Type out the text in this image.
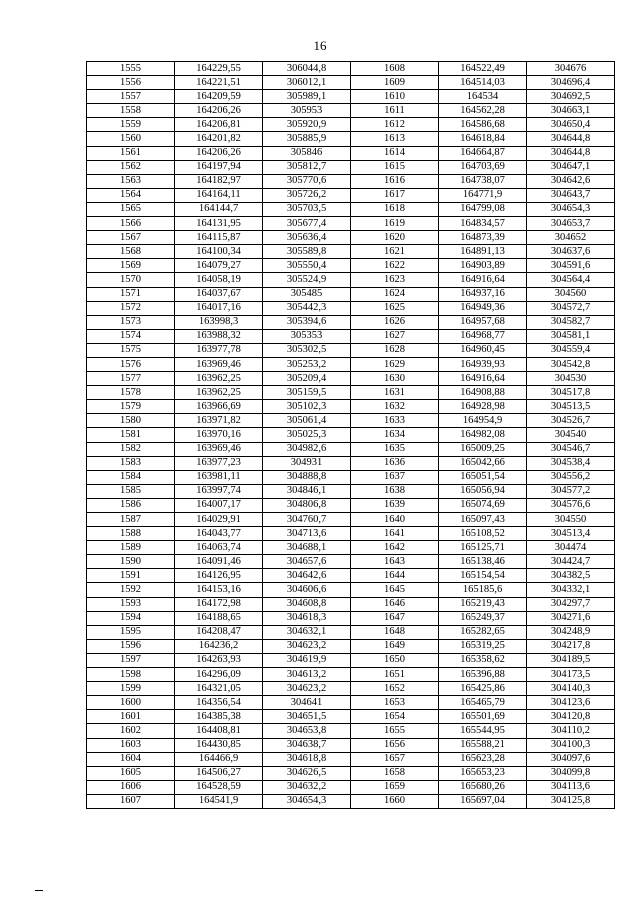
16
1555	164229,55	306044,8	1608	164522,49	304676
1556	164221,51	306012,1	1609	164514,03	304696,4
1557	164209,59	305989,1	1610	164534	304692,5
1558	164206,26	305953	1611	164562,28	304663,1
1559	164206,81	305920,9	1612	164586,68	304650,4
1560	164201,82	305885,9	1613	164618,84	304644,8
1561	164206,26	305846	1614	164664,87	304644,8
1562	164197,94	305812,7	1615	164703,69	304647,1
1563	164182,97	305770,6	1616	164738,07	304642,6
1564	164164,11	305726,2	1617	164771,9	304643,7
1565	164144,7	305703,5	1618	164799,08	304654,3
1566	164131,95	305677,4	1619	164834,57	304653,7
1567	164115,87	305636,4	1620	164873,39	304652
1568	164100,34	305589,8	1621	164891,13	304637,6
1569	164079,27	305550,4	1622	164903,89	304591,6
1570	164058,19	305524,9	1623	164916,64	304564,4
1571	164037,67	305485	1624	164937,16	304560
1572	164017,16	305442,3	1625	164949,36	304572,7
1573	163998,3	305394,6	1626	164957,68	304582,7
1574	163988,32	305353	1627	164968,77	304581,1
1575	163977,78	305302,5	1628	164960,45	304559,4
1576	163969,46	305253,2	1629	164939,93	304542,8
1577	163962,25	305209,4	1630	164916,64	304530
1578	163962,25	305159,5	1631	164908,88	304517,8
1579	163966,69	305102,3	1632	164928,98	304513,5
1580	163971,82	305061,4	1633	164954,9	304526,7
1581	163970,16	305025,3	1634	164982,08	304540
1582	163969,46	304982,6	1635	165009,25	304546,7
1583	163977,23	304931	1636	165042,66	304538,4
1584	163981,11	304888,8	1637	165051,54	304556,2
1585	163997,74	304846,1	1638	165056,94	304577,2
1586	164007,17	304806,8	1639	165074,69	304576,6
1587	164029,91	304760,7	1640	165097,43	304550
1588	164043,77	304713,6	1641	165108,52	304513,4
1589	164063,74	304688,1	1642	165125,71	304474
1590	164091,46	304657,6	1643	165138,46	304424,7
1591	164126,95	304642,6	1644	165154,54	304382,5
1592	164153,16	304606,6	1645	165185,6	304332,1
1593	164172,98	304608,8	1646	165219,43	304297,7
1594	164188,65	304618,3	1647	165249,37	304271,6
1595	164208,47	304632,1	1648	165282,65	304248,9
1596	164236,2	304623,2	1649	165319,25	304217,8
1597	164263,93	304619,9	1650	165358,62	304189,5
1598	164296,09	304613,2	1651	165396,88	304173,5
1599	164321,05	304623,2	1652	165425,86	304140,3
1600	164356,54	304641	1653	165465,79	304123,6
1601	164385,38	304651,5	1654	165501,69	304120,8
1602	164408,81	304653,8	1655	165544,95	304110,2
1603	164430,85	304638,7	1656	165588,21	304100,3
1604	164466,9	304618,8	1657	165623,28	304097,6
1605	164506,27	304626,5	1658	165653,23	304099,8
1606	164528,59	304632,2	1659	165680,26	304113,6
1607	164541,9	304654,3	1660	165697,04	304125,8
